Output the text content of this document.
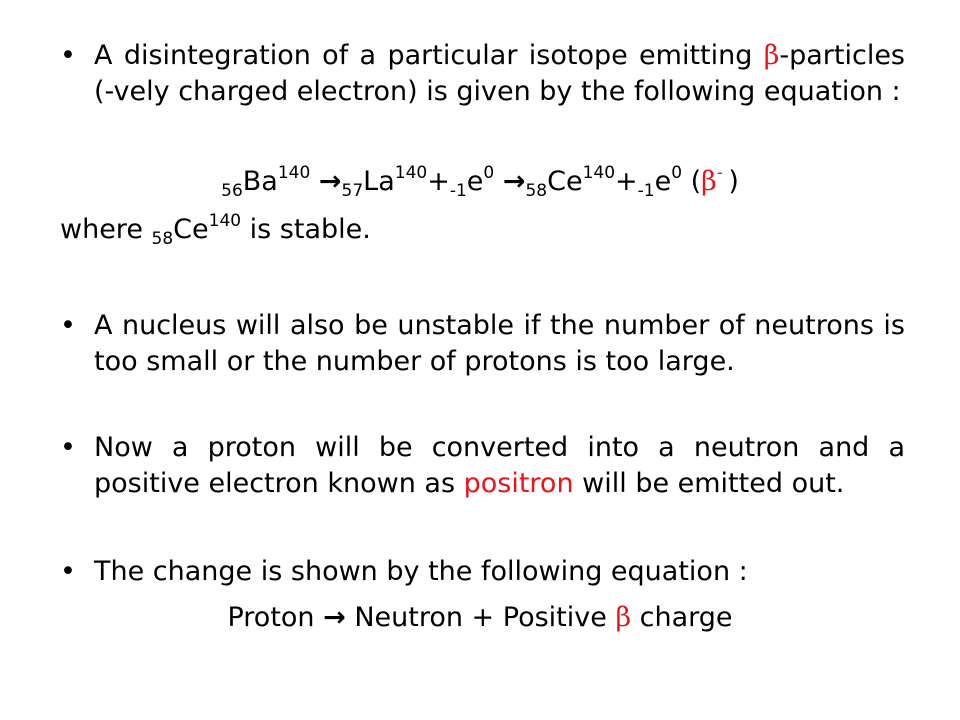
• A disintegration of a particular isotope emitting β-particles (-vely charged electron) is given by the following equation :
$_{56}Ba^{140} \to_{57}La^{140}+_{-1}e^0 \to_{58}Ce^{140}+_{-1}e^0$ (β- )
where $_{58}Ce^{140}$ is stable.
• A nucleus will also be unstable if the number of neutrons is too small or the number of protons is too large.
• Now a proton will be converted into a neutron and a positive electron known as positron will be emitted out.
• The change is shown by the following equation :
Proton → Neutron + Positive β charge
